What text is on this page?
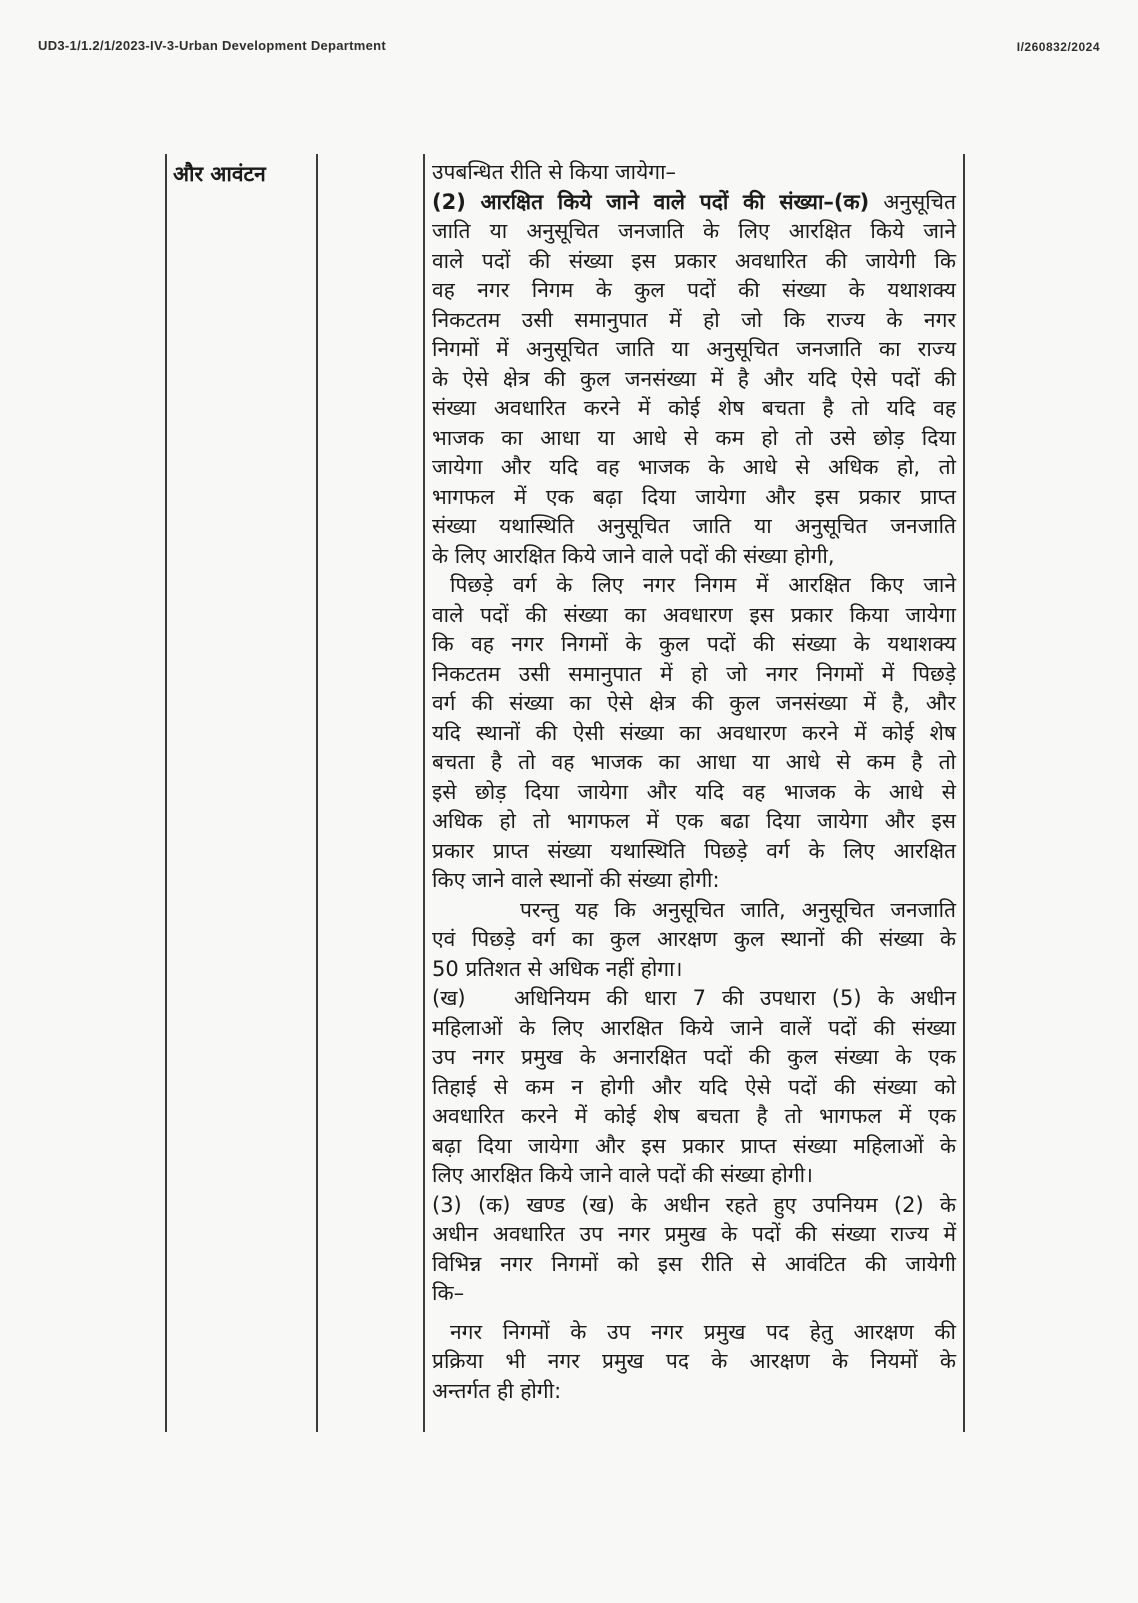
UD3-1/1.2/1/2023-IV-3-Urban Development Department	I/260832/2024
और आवंटन	उपबन्धित रीति से किया जायेगा–
(2) आरक्षित किये जाने वाले पदों की संख्या–(क) अनुसूचित
जाति या अनुसूचित जनजाति के लिए आरक्षित किये जाने
वाले पदों की संख्या इस प्रकार अवधारित की जायेगी कि
वह नगर निगम के कुल पदों की संख्या के यथाशक्य
निकटतम उसी समानुपात में हो जो कि राज्य के नगर
निगमों में अनुसूचित जाति या अनुसूचित जनजाति का राज्य
के ऐसे क्षेत्र की कुल जनसंख्या में है और यदि ऐसे पदों की
संख्या अवधारित करने में कोई शेष बचता है तो यदि वह
भाजक का आधा या आधे से कम हो तो उसे छोड़ दिया
जायेगा और यदि वह भाजक के आधे से अधिक हो, तो
भागफल में एक बढ़ा दिया जायेगा और इस प्रकार प्राप्त
संख्या यथास्थिति अनुसूचित जाति या अनुसूचित जनजाति
के लिए आरक्षित किये जाने वाले पदों की संख्या होगी,
पिछड़े वर्ग के लिए नगर निगम में आरक्षित किए जाने
वाले पदों की संख्या का अवधारण इस प्रकार किया जायेगा
कि वह नगर निगमों के कुल पदों की संख्या के यथाशक्य
निकटतम उसी समानुपात में हो जो नगर निगमों में पिछड़े
वर्ग की संख्या का ऐसे क्षेत्र की कुल जनसंख्या में है, और
यदि स्थानों की ऐसी संख्या का अवधारण करने में कोई शेष
बचता है तो वह भाजक का आधा या आधे से कम है तो
इसे छोड़ दिया जायेगा और यदि वह भाजक के आधे से
अधिक हो तो भागफल में एक बढा दिया जायेगा और इस
प्रकार प्राप्त संख्या यथास्थिति पिछड़े वर्ग के लिए आरक्षित
किए जाने वाले स्थानों की संख्या होगी:
परन्तु यह कि अनुसूचित जाति, अनुसूचित जनजाति
एवं पिछड़े वर्ग का कुल आरक्षण कुल स्थानों की संख्या के
50 प्रतिशत से अधिक नहीं होगा।
(ख)   अधिनियम की धारा 7 की उपधारा (5) के अधीन
महिलाओं के लिए आरक्षित किये जाने वालें पदों की संख्या
उप नगर प्रमुख के अनारक्षित पदों की कुल संख्या के एक
तिहाई से कम न होगी और यदि ऐसे पदों की संख्या को
अवधारित करने में कोई शेष बचता है तो भागफल में एक
बढ़ा दिया जायेगा और इस प्रकार प्राप्त संख्या महिलाओं के
लिए आरक्षित किये जाने वाले पदों की संख्या होगी।
(3) (क) खण्ड (ख) के अधीन रहते हुए उपनियम (2) के
अधीन अवधारित उप नगर प्रमुख के पदों की संख्या राज्य में
विभिन्न नगर निगमों को इस रीति से आवंटित की जायेगी
कि–
नगर निगमों के उप नगर प्रमुख पद हेतु आरक्षण की
प्रक्रिया भी नगर प्रमुख पद के आरक्षण के नियमों के
अन्तर्गत ही होगी:
